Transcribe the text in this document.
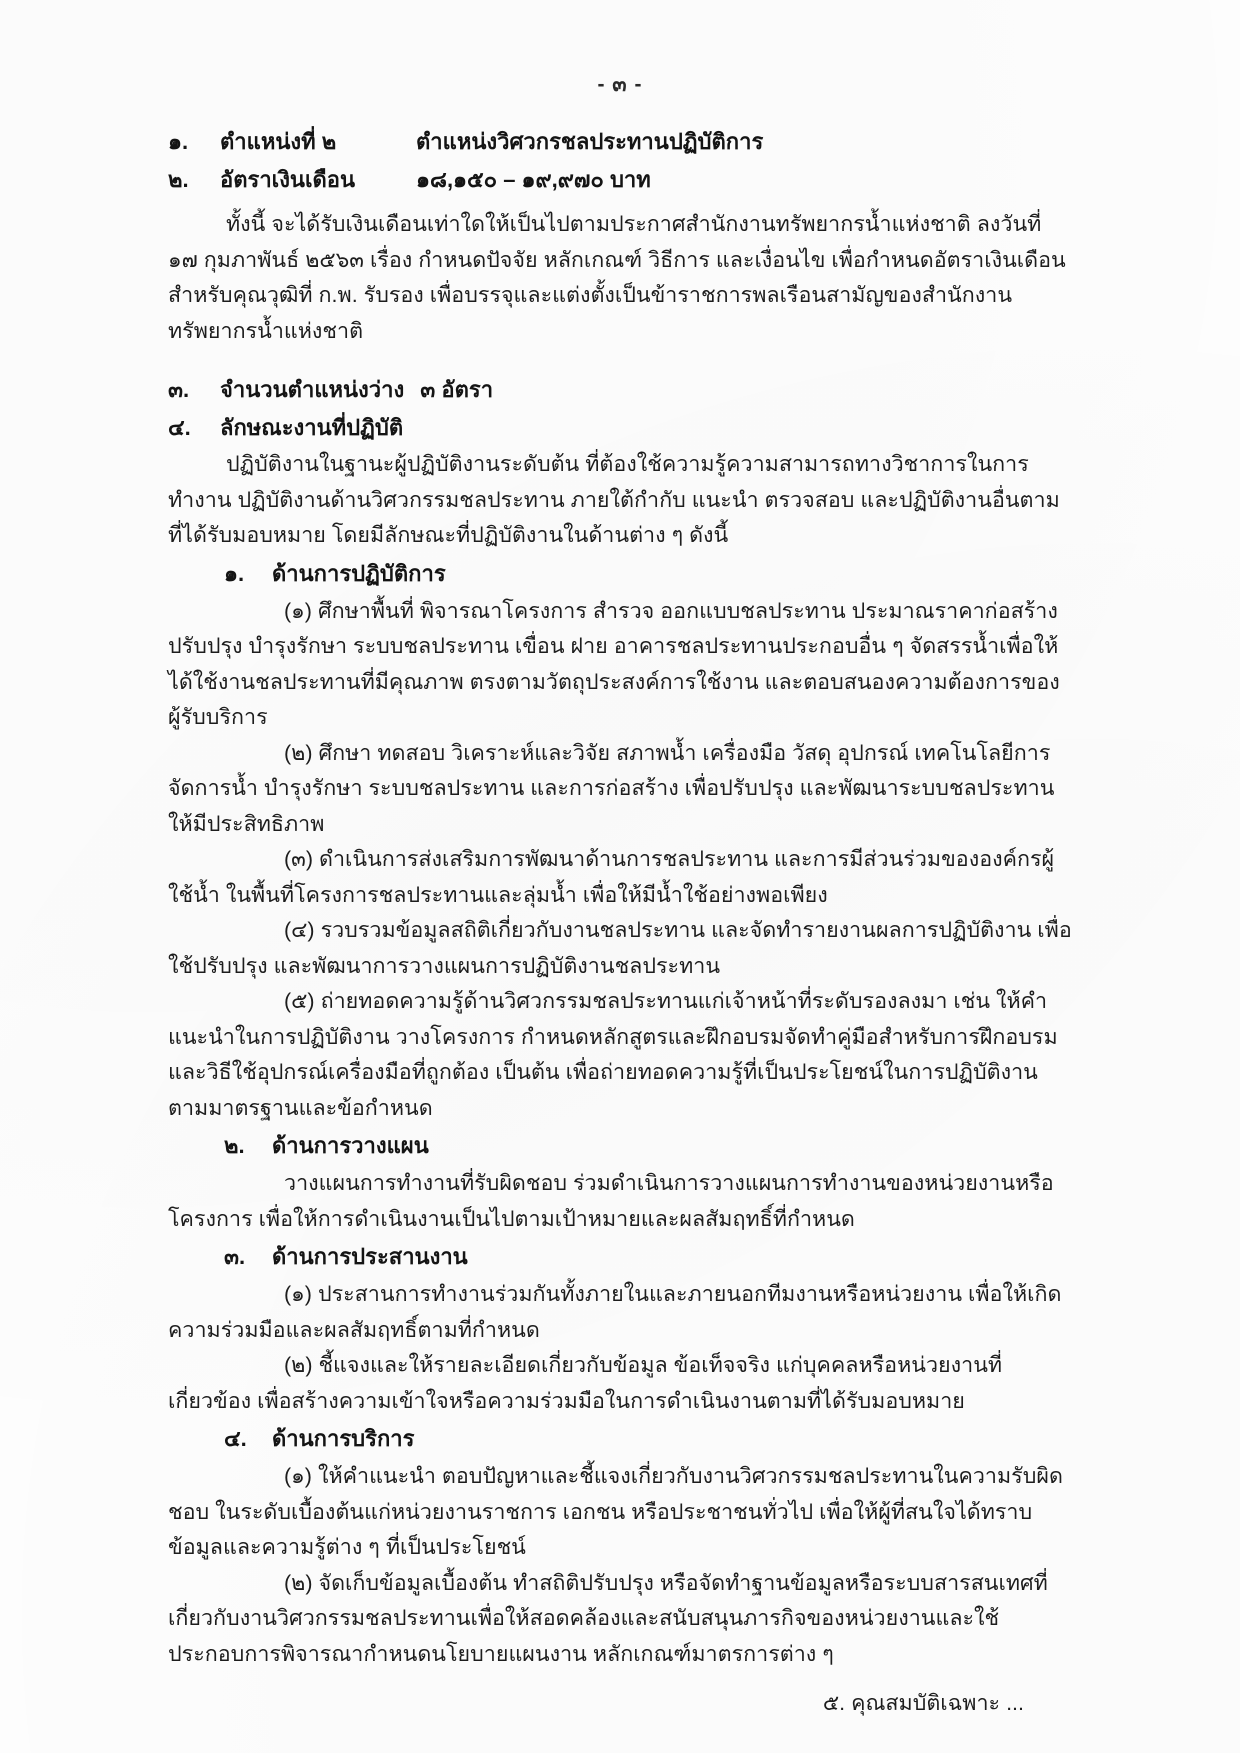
- ๓ -
๑.	ตำแหน่งที่ ๒	ตำแหน่งวิศวกรชลประทานปฏิบัติการ
๒.	อัตราเงินเดือน	๑๘,๑๕๐ – ๑๙,๙๗๐ บาท

ทั้งนี้ จะได้รับเงินเดือนเท่าใดให้เป็นไปตามประกาศสำนักงานทรัพยากรน้ำแห่งชาติ ลงวันที่ ๑๗ กุมภาพันธ์ ๒๕๖๓ เรื่อง กำหนดปัจจัย หลักเกณฑ์ วิธีการ และเงื่อนไข เพื่อกำหนดอัตราเงินเดือน สำหรับคุณวุฒิที่ ก.พ. รับรอง เพื่อบรรจุและแต่งตั้งเป็นข้าราชการพลเรือนสามัญของสำนักงานทรัพยากรน้ำแห่งชาติ

๓.	จำนวนตำแหน่งว่าง ๓ อัตรา
๔.	ลักษณะงานที่ปฏิบัติ

ปฏิบัติงานในฐานะผู้ปฏิบัติงานระดับต้น ที่ต้องใช้ความรู้ความสามารถทางวิชาการในการทำงาน ปฏิบัติงานด้านวิศวกรรมชลประทาน ภายใต้กำกับ แนะนำ ตรวจสอบ และปฏิบัติงานอื่นตามที่ได้รับมอบหมาย โดยมีลักษณะที่ปฏิบัติงานในด้านต่าง ๆ ดังนี้

๑.	ด้านการปฏิบัติการ

(๑) ศึกษาพื้นที่ พิจารณาโครงการ สำรวจ ออกแบบชลประทาน ประมาณราคาก่อสร้าง ปรับปรุง บำรุงรักษา ระบบชลประทาน เขื่อน ฝาย อาคารชลประทานประกอบอื่น ๆ จัดสรรน้ำเพื่อให้ได้ใช้งานชลประทานที่มีคุณภาพ ตรงตามวัตถุประสงค์การใช้งาน และตอบสนองความต้องการของผู้รับบริการ

(๒) ศึกษา ทดสอบ วิเคราะห์และวิจัย สภาพน้ำ เครื่องมือ วัสดุ อุปกรณ์ เทคโนโลยีการจัดการน้ำ บำรุงรักษา ระบบชลประทาน และการก่อสร้าง เพื่อปรับปรุง และพัฒนาระบบชลประทานให้มีประสิทธิภาพ

(๓) ดำเนินการส่งเสริมการพัฒนาด้านการชลประทาน และการมีส่วนร่วมขององค์กรผู้ใช้น้ำ ในพื้นที่โครงการชลประทานและลุ่มน้ำ เพื่อให้มีน้ำใช้อย่างพอเพียง

(๔) รวบรวมข้อมูลสถิติเกี่ยวกับงานชลประทาน และจัดทำรายงานผลการปฏิบัติงาน เพื่อใช้ปรับปรุง และพัฒนาการวางแผนการปฏิบัติงานชลประทาน

(๕) ถ่ายทอดความรู้ด้านวิศวกรรมชลประทานแก่เจ้าหน้าที่ระดับรองลงมา เช่น ให้คำแนะนำในการปฏิบัติงาน วางโครงการ กำหนดหลักสูตรและฝึกอบรมจัดทำคู่มือสำหรับการฝึกอบรมและวิธีใช้อุปกรณ์เครื่องมือที่ถูกต้อง เป็นต้น เพื่อถ่ายทอดความรู้ที่เป็นประโยชน์ในการปฏิบัติงานตามมาตรฐานและข้อกำหนด

๒.	ด้านการวางแผน

วางแผนการทำงานที่รับผิดชอบ ร่วมดำเนินการวางแผนการทำงานของหน่วยงานหรือโครงการ เพื่อให้การดำเนินงานเป็นไปตามเป้าหมายและผลสัมฤทธิ์ที่กำหนด

๓.	ด้านการประสานงาน

(๑) ประสานการทำงานร่วมกันทั้งภายในและภายนอกทีมงานหรือหน่วยงาน เพื่อให้เกิดความร่วมมือและผลสัมฤทธิ์ตามที่กำหนด

(๒) ชี้แจงและให้รายละเอียดเกี่ยวกับข้อมูล ข้อเท็จจริง แก่บุคคลหรือหน่วยงานที่เกี่ยวข้อง เพื่อสร้างความเข้าใจหรือความร่วมมือในการดำเนินงานตามที่ได้รับมอบหมาย

๔.	ด้านการบริการ

(๑) ให้คำแนะนำ ตอบปัญหาและชี้แจงเกี่ยวกับงานวิศวกรรมชลประทานในความรับผิดชอบ ในระดับเบื้องต้นแก่หน่วยงานราชการ เอกชน หรือประชาชนทั่วไป เพื่อให้ผู้ที่สนใจได้ทราบข้อมูลและความรู้ต่าง ๆ ที่เป็นประโยชน์

(๒) จัดเก็บข้อมูลเบื้องต้น ทำสถิติปรับปรุง หรือจัดทำฐานข้อมูลหรือระบบสารสนเทศที่เกี่ยวกับงานวิศวกรรมชลประทานเพื่อให้สอดคล้องและสนับสนุนภารกิจของหน่วยงานและใช้ประกอบการพิจารณากำหนดนโยบายแผนงาน หลักเกณฑ์มาตรการต่าง ๆ

๕. คุณสมบัติเฉพาะ ...
